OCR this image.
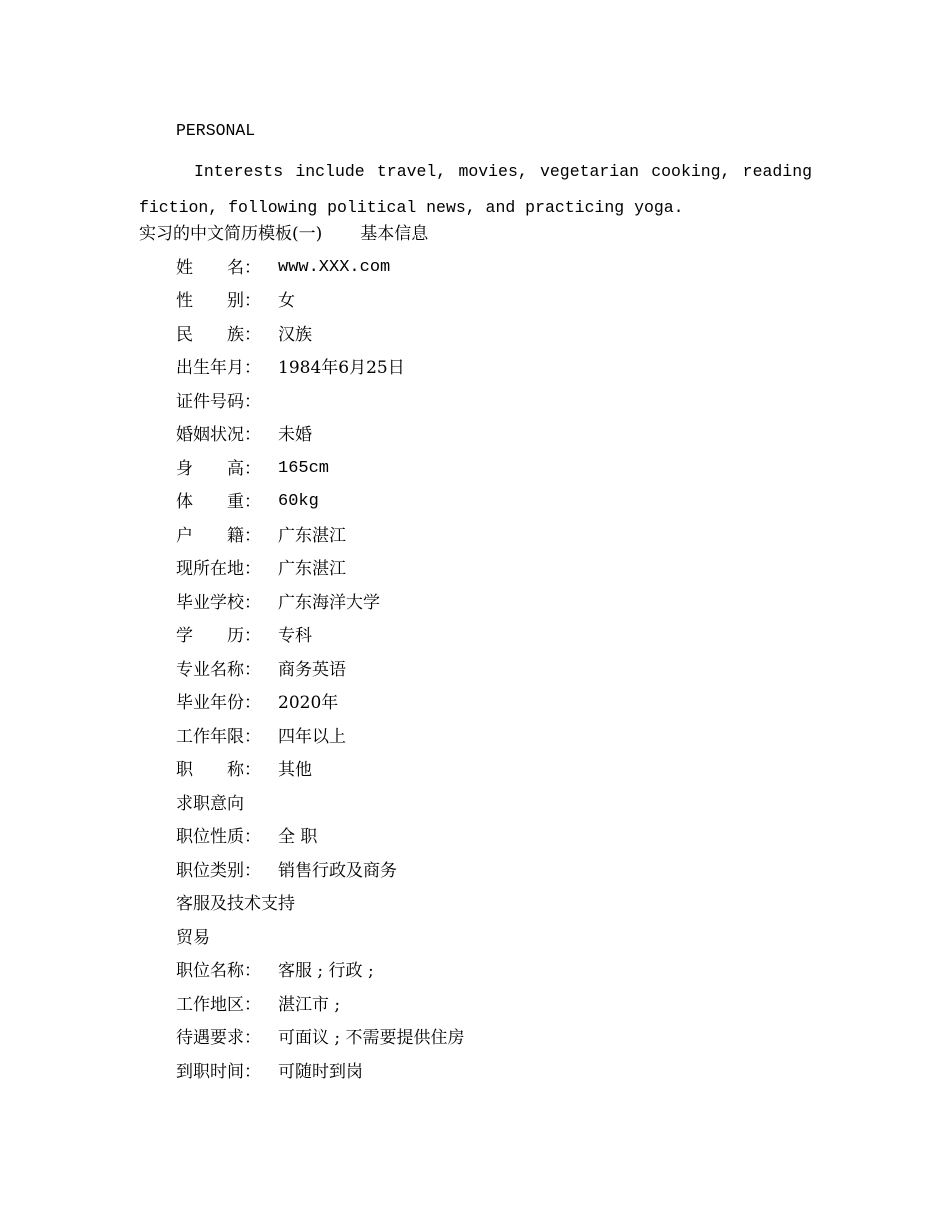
PERSONAL
Interests include travel, movies, vegetarian cooking, reading fiction, following political news, and practicing yoga.
实习的中文简历模板(一) 基本信息
姓　　名： www.XXX.com
性　　别： 女
民　　族： 汉族
出生年月： 1984年6月25日
证件号码：
婚姻状况： 未婚
身　　高： 165cm
体　　重： 60kg
户　　籍： 广东湛江
现所在地： 广东湛江
毕业学校： 广东海洋大学
学　　历： 专科
专业名称： 商务英语
毕业年份： 2020年
工作年限： 四年以上
职　　称： 其他
求职意向
职位性质： 全 职
职位类别： 销售行政及商务
客服及技术支持
贸易
职位名称： 客服 ; 行政 ;
工作地区： 湛江市 ;
待遇要求： 可面议 ; 不需要提供住房
到职时间： 可随时到岗
